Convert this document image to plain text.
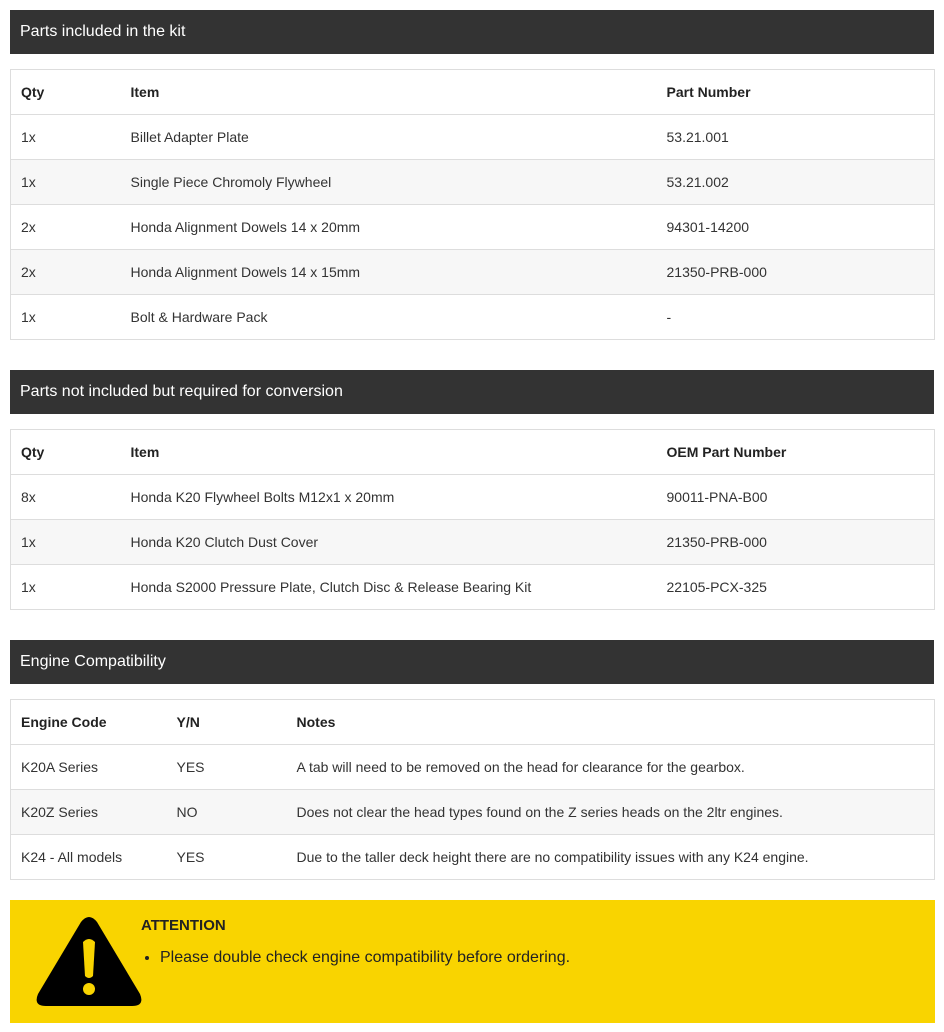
Parts included in the kit
Qty	Item	Part Number
1x	Billet Adapter Plate	53.21.001
1x	Single Piece Chromoly Flywheel	53.21.002
2x	Honda Alignment Dowels 14 x 20mm	94301-14200
2x	Honda Alignment Dowels 14 x 15mm	21350-PRB-000
1x	Bolt & Hardware Pack	-
Parts not included but required for conversion
Qty	Item	OEM Part Number
8x	Honda K20 Flywheel Bolts M12x1 x 20mm	90011-PNA-B00
1x	Honda K20 Clutch Dust Cover	21350-PRB-000
1x	Honda S2000 Pressure Plate, Clutch Disc & Release Bearing Kit	22105-PCX-325
Engine Compatibility
Engine Code	Y/N	Notes
K20A Series	YES	A tab will need to be removed on the head for clearance for the gearbox.
K20Z Series	NO	Does not clear the head types found on the Z series heads on the 2ltr engines.
K24 - All models	YES	Due to the taller deck height there are no compatibility issues with any K24 engine.
ATTENTION
• Please double check engine compatibility before ordering.
